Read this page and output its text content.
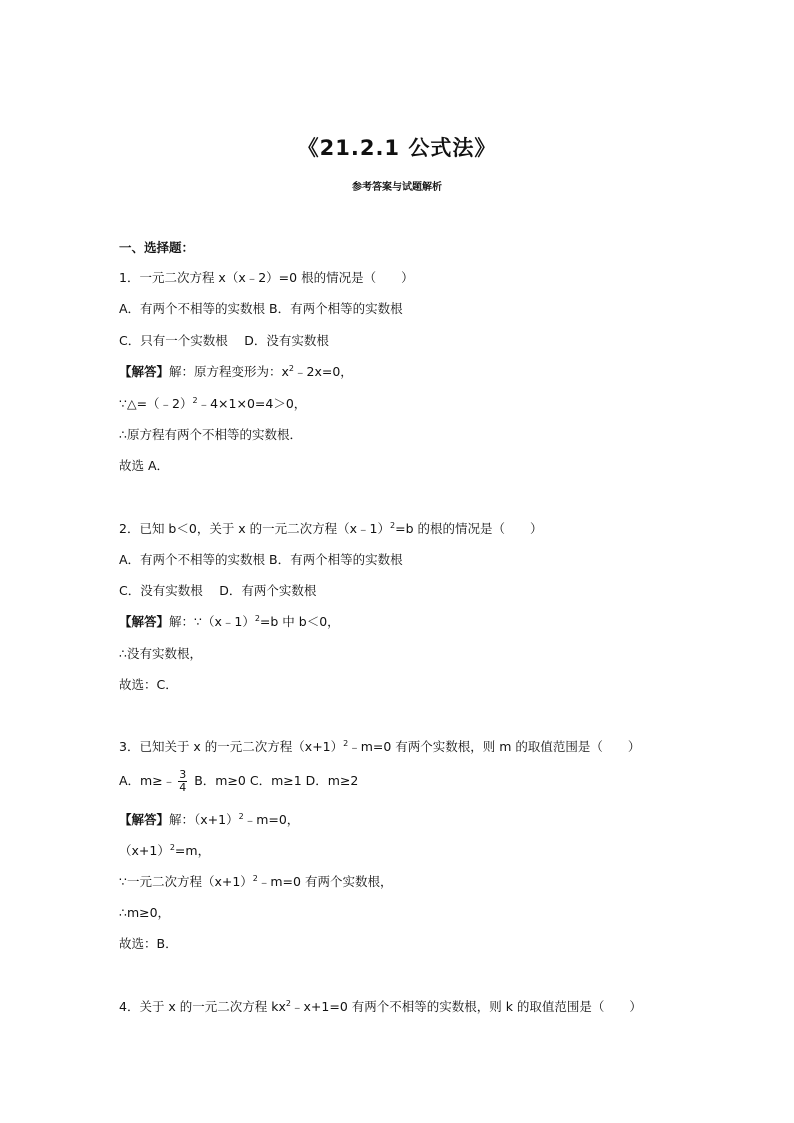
《21.2.1 公式法》
参考答案与试题解析
一、选择题：
1．一元二次方程 x（x﹣2）=0 根的情况是（　　）
A．有两个不相等的实数根 B．有两个相等的实数根
C．只有一个实数根　 D．没有实数根
【解答】解：原方程变形为：$x^2﹣2x=0$，
∵△=（﹣2）$^2$﹣4×1×0=4＞0，
∴原方程有两个不相等的实数根．
故选 A．
2．已知 b＜0，关于 x 的一元二次方程（x﹣1）$^2$=b 的根的情况是（　　）
A．有两个不相等的实数根 B．有两个相等的实数根
C．没有实数根　 D．有两个实数根
【解答】解：∵（x﹣1）$^2$=b 中 b＜0，
∴没有实数根，
故选：C．
3．已知关于 x 的一元二次方程$(x+1)^2﹣m=0$ 有两个实数根，则 m 的取值范围是（　　）
A．m≥﹣ $\frac{3}{4}$ B．m≥0 C．m≥1 D．m≥2
【解答】解：$(x+1)^2﹣m=0$，
$(x+1)^2=m$，
∵一元二次方程$(x+1)^2﹣m=0$ 有两个实数根，
∴m≥0，
故选：B．
4．关于 x 的一元二次方程 $kx^2﹣x+1=0$ 有两个不相等的实数根，则 k 的取值范围是（　　）
